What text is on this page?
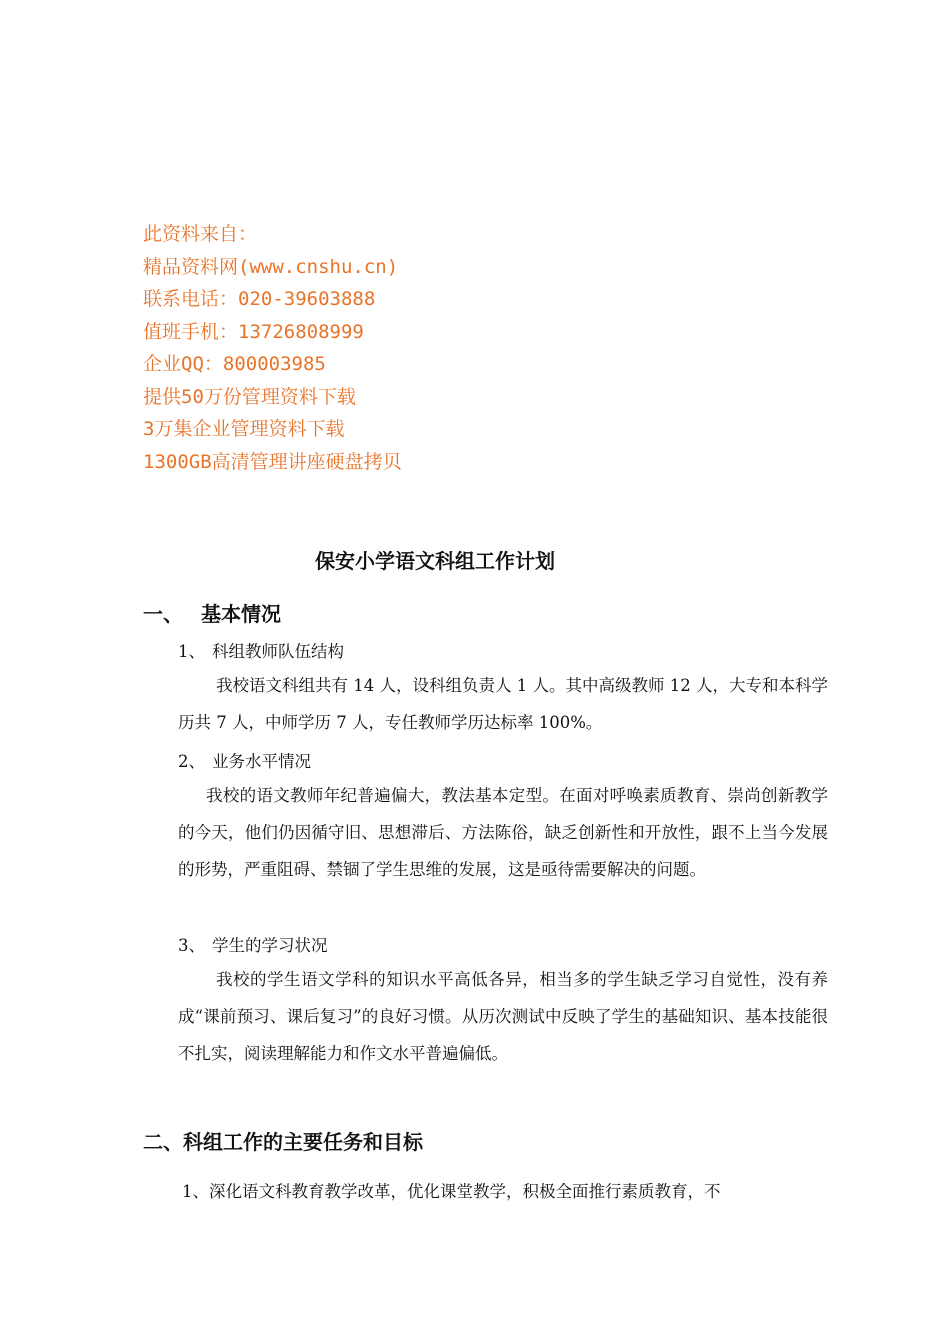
此资料来自：
精品资料网(www.cnshu.cn)
联系电话：020-39603888
值班手机：13726808999
企业QQ：800003985
提供50万份管理资料下载
3万集企业管理资料下载
1300GB高清管理讲座硬盘拷贝
保安小学语文科组工作计划
一、 基本情况
1、 科组教师队伍结构
我校语文科组共有 14 人，设科组负责人 1 人。其中高级教师 12 人，大专和本科学历共 7 人，中师学历 7 人，专任教师学历达标率 100%。
2、 业务水平情况
我校的语文教师年纪普遍偏大，教法基本定型。在面对呼唤素质教育、崇尚创新教学的今天，他们仍因循守旧、思想滞后、方法陈俗，缺乏创新性和开放性，跟不上当今发展的形势，严重阻碍、禁锢了学生思维的发展，这是亟待需要解决的问题。
3、 学生的学习状况
我校的学生语文学科的知识水平高低各异，相当多的学生缺乏学习自觉性，没有养成“课前预习、课后复习”的良好习惯。从历次测试中反映了学生的基础知识、基本技能很不扎实，阅读理解能力和作文水平普遍偏低。
二、科组工作的主要任务和目标
1、深化语文科教育教学改革，优化课堂教学，积极全面推行素质教育，不
